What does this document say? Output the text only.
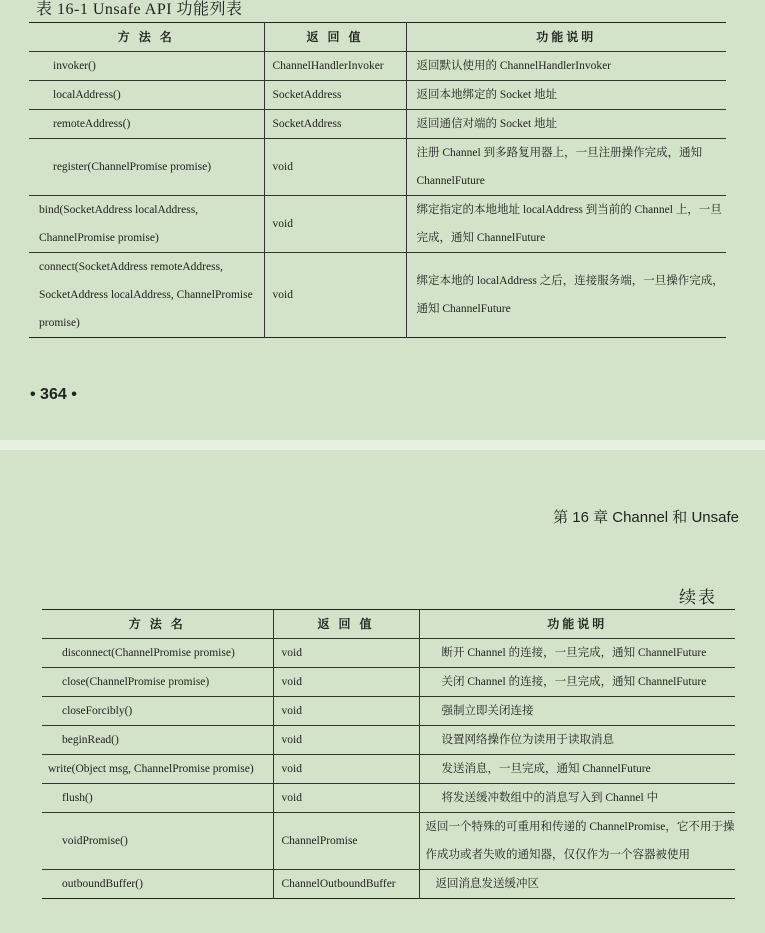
表 16-1 Unsafe API 功能列表
方 法 名	返 回 值	功能说明
invoker()	ChannelHandlerInvoker	返回默认使用的 ChannelHandlerInvoker
localAddress()	SocketAddress	返回本地绑定的 Socket 地址
remoteAddress()	SocketAddress	返回通信对端的 Socket 地址
register(ChannelPromise promise)	void	注册 Channel 到多路复用器上，一旦注册操作完成，通知 ChannelFuture
bind(SocketAddress localAddress, ChannelPromise promise)	void	绑定指定的本地地址 localAddress 到当前的 Channel 上，一旦完成，通知 ChannelFuture
connect(SocketAddress remoteAddress, SocketAddress localAddress, ChannelPromise promise)	void	绑定本地的 localAddress 之后，连接服务端，一旦操作完成，通知 ChannelFuture
• 364 •
第 16 章 Channel 和 Unsafe
续表
方 法 名	返 回 值	功能说明
disconnect(ChannelPromise promise)	void	断开 Channel 的连接，一旦完成，通知 ChannelFuture
close(ChannelPromise promise)	void	关闭 Channel 的连接，一旦完成，通知 ChannelFuture
closeForcibly()	void	强制立即关闭连接
beginRead()	void	设置网络操作位为读用于读取消息
write(Object msg, ChannelPromise promise)	void	发送消息，一旦完成，通知 ChannelFuture
flush()	void	将发送缓冲数组中的消息写入到 Channel 中
voidPromise()	ChannelPromise	返回一个特殊的可重用和传递的 ChannelPromise，它不用于操作成功或者失败的通知器，仅仅作为一个容器被使用
outboundBuffer()	ChannelOutboundBuffer	返回消息发送缓冲区
